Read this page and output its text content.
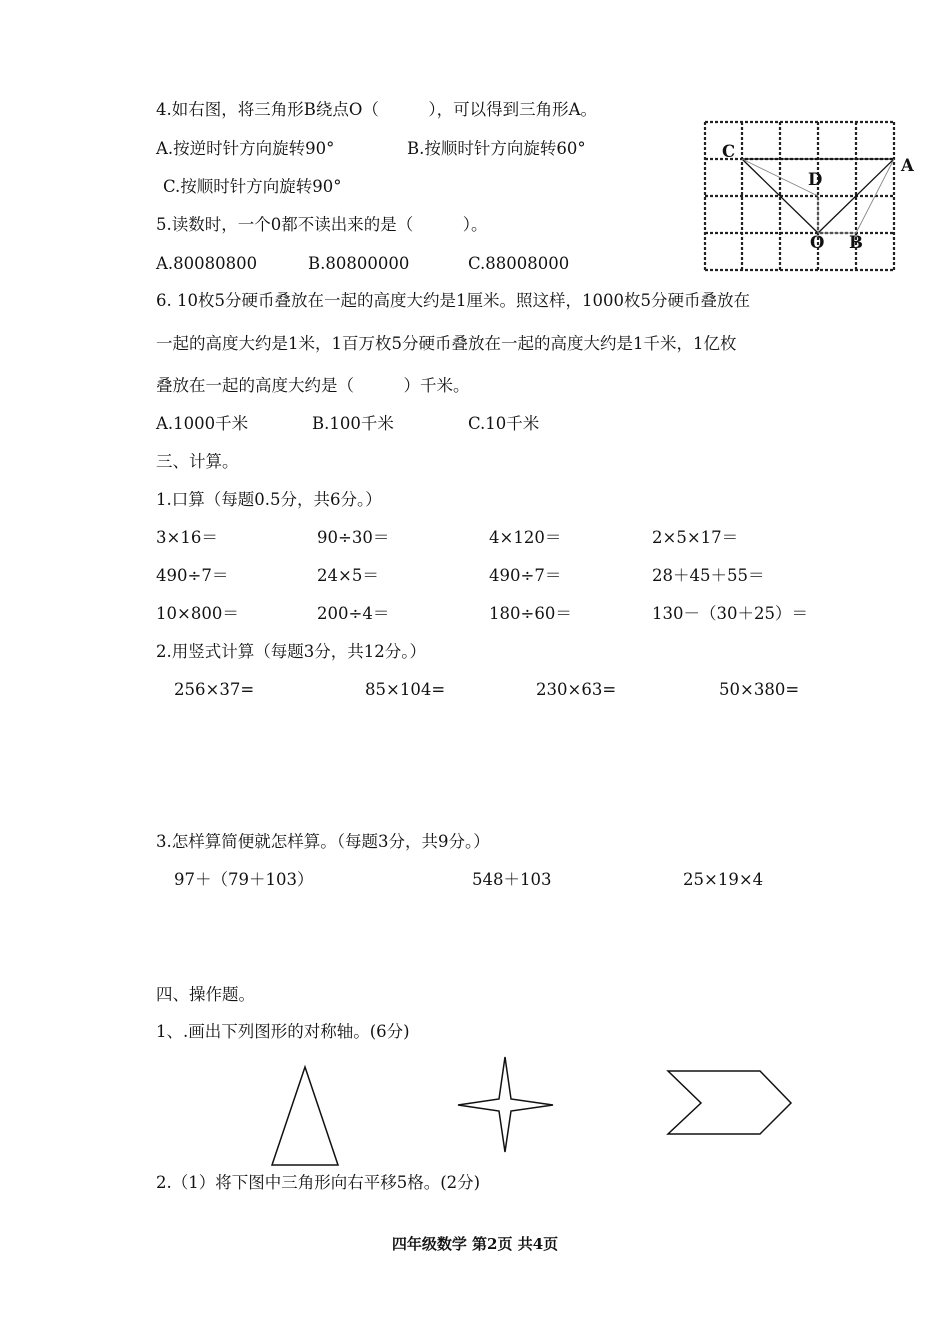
4.如右图，将三角形B绕点O（　　　），可以得到三角形A。
A.按逆时针方向旋转90°	B.按顺时针方向旋转60°
C.按顺时针方向旋转90°
C
A
D
O B
5.读数时，一个0都不读出来的是（　　　）。
A.80080800	B.80800000	C.88008000
6. 10枚5分硬币叠放在一起的高度大约是1厘米。照这样，1000枚5分硬币叠放在
一起的高度大约是1米，1百万枚5分硬币叠放在一起的高度大约是1千米，1亿枚
叠放在一起的高度大约是（　　　）千米。
A.1000千米	B.100千米	C.10千米
三、计算。
1.口算（每题0.5分，共6分。）
3×16＝	90÷30＝	4×120＝	2×5×17＝
490÷7＝	24×5＝	490÷7＝	28＋45＋55＝
10×800＝	200÷4＝	180÷60＝	130－（30＋25）＝
2.用竖式计算（每题3分，共12分。）
256×37=	85×104=	230×63=	50×380=
3.怎样算简便就怎样算。（每题3分，共9分。）
97＋（79＋103）	548＋103	25×19×4
四、操作题。
1、.画出下列图形的对称轴。(6分)
2.（1）将下图中三角形向右平移5格。(2分)
四年级数学 第2页 共4页
